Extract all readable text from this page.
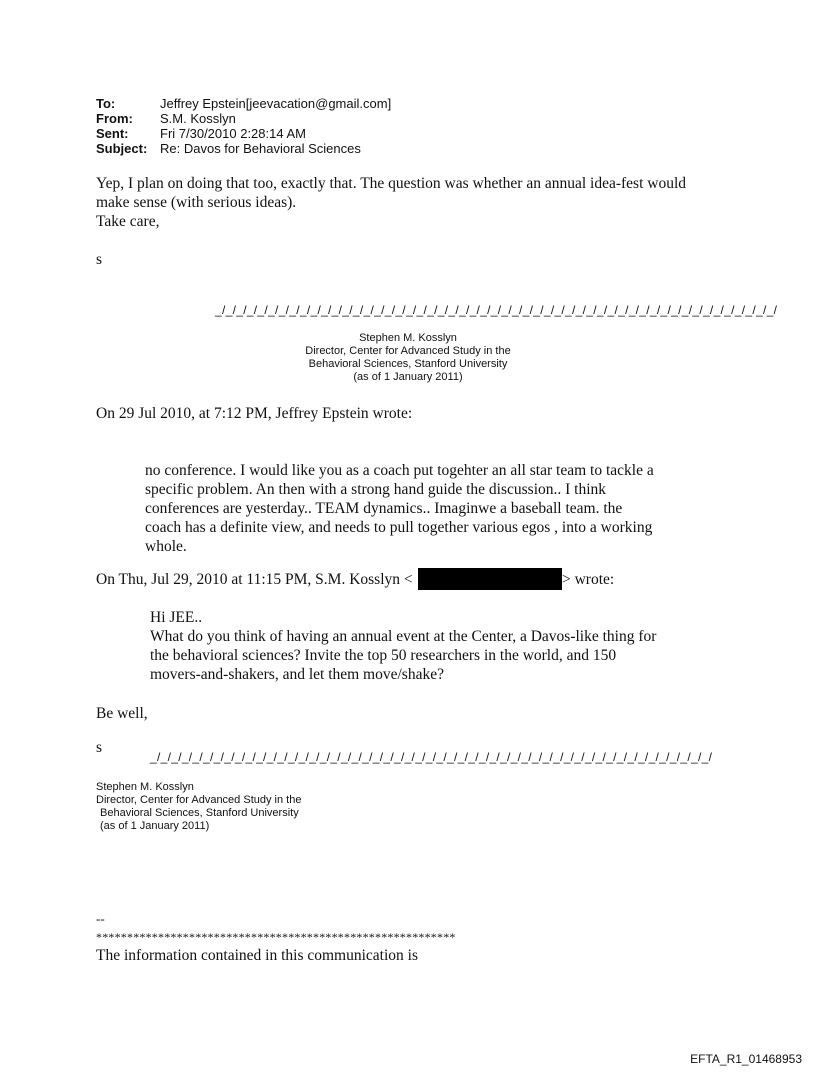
To:	Jeffrey Epstein[jeevacation@gmail.com]
From:	S.M. Kosslyn
Sent:	Fri 7/30/2010 2:28:14 AM
Subject: Re: Davos for Behavioral Sciences
Yep, I plan on doing that too, exactly that. The question was whether an annual idea-fest would
make sense (with serious ideas).
Take care,
s
_/_/_/_/_/_/_/_/_/_/_/_/_/_/_/_/_/_/_/_/_/_/_/_/_/_/_/_/_/_/_/_/_/_/_/_/_/_/_/_/_/_/_/_/_/_/_/_/_/_/_/_/_/
Stephen M. Kosslyn
Director, Center for Advanced Study in the
Behavioral Sciences, Stanford University
(as of 1 January 2011)
On 29 Jul 2010, at 7:12 PM, Jeffrey Epstein wrote:
no conference. I would like you as a coach put togehter an all star team to tackle a
specific problem. An then with a strong hand guide the discussion.. I think
conferences are yesterday.. TEAM dynamics.. Imaginwe a baseball team. the
coach has a definite view, and needs to pull together various egos , into a working
whole.
On Thu, Jul 29, 2010 at 11:15 PM, S.M. Kosslyn <	> wrote:
Hi JEE..
What do you think of having an annual event at the Center, a Davos-like thing for
the behavioral sciences? Invite the top 50 researchers in the world, and 150
movers-and-shakers, and let them move/shake?
Be well,
s
_/_/_/_/_/_/_/_/_/_/_/_/_/_/_/_/_/_/_/_/_/_/_/_/_/_/_/_/_/_/_/_/_/_/_/_/_/_/_/_/_/_/_/_/_/_/_/_/_/_/_/_/_/
Stephen M. Kosslyn
Director, Center for Advanced Study in the
Behavioral Sciences, Stanford University
(as of 1 January 2011)
--
**********************************************************
The information contained in this communication is
EFTA_R1_01468953
